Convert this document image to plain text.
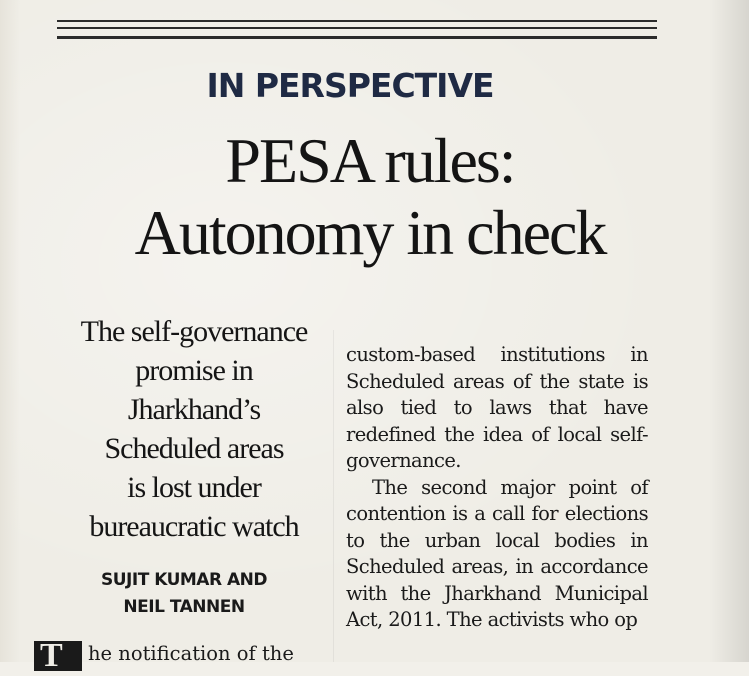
IN PERSPECTIVE
PESA rules:
Autonomy in check
The self-governance
promise in
Jharkhand’s
Scheduled areas
is lost under
bureaucratic watch
SUJIT KUMAR AND
NEIL TANNEN

custom-based institutions in Scheduled areas of the state is also tied to laws that have redefined the idea of local self-governance.

The second major point of contention is a call for elections to the urban local bodies in Scheduled areas, in accordance with the Jharkhand Municipal Act, 2011. The activists who op

T he notification of the
